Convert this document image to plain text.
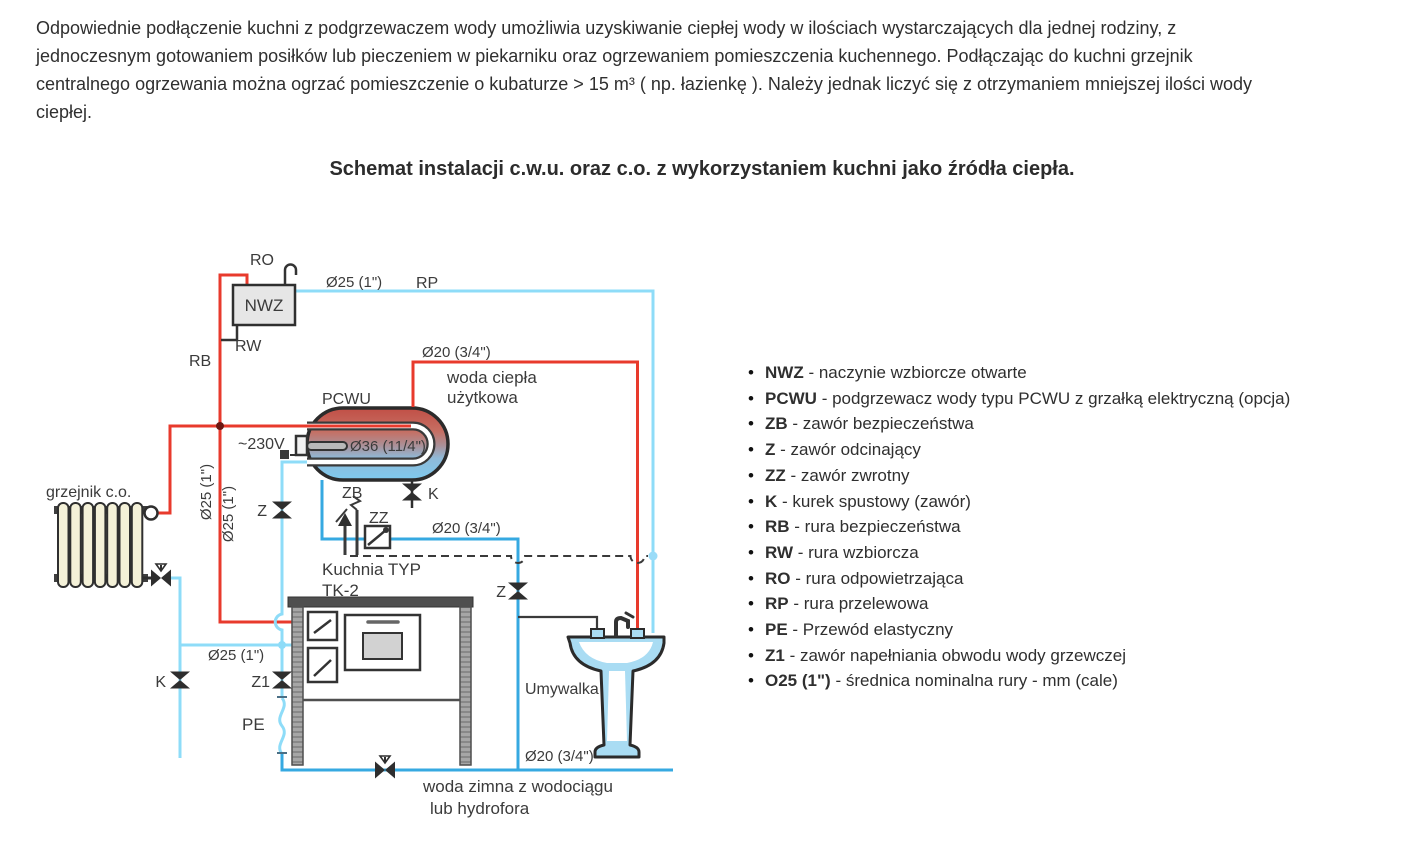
Odpowiednie podłączenie kuchni z podgrzewaczem wody umożliwia uzyskiwanie ciepłej wody w ilościach wystarczających dla jednej rodziny, z
jednoczesnym gotowaniem posiłków lub pieczeniem w piekarniku oraz ogrzewaniem pomieszczenia kuchennego. Podłączając do kuchni grzejnik
centralnego ogrzewania można ogrzać pomieszczenie o kubaturze > 15 m³ ( np. łazienkę ). Należy jednak liczyć się z otrzymaniem mniejszej ilości wody
ciepłej.
Schemat instalacji c.w.u. oraz c.o. z wykorzystaniem kuchni jako źródła ciepła.
• NWZ - naczynie wzbiorcze otwarte
• PCWU - podgrzewacz wody typu PCWU z grzałką elektryczną (opcja)
• ZB - zawór bezpieczeństwa
• Z - zawór odcinający
• ZZ - zawór zwrotny
• K - kurek spustowy (zawór)
• RB - rura bezpieczeństwa
• RW - rura wzbiorcza
• RO - rura odpowietrzająca
• RP - rura przelewowa
• PE - Przewód elastyczny
• Z1 - zawór napełniania obwodu wody grzewczej
• O25 (1") - średnica nominalna rury - mm (cale)
RO
NWZ
RW
RB
Ø25 (1") RP
Ø20 (3/4")
woda ciepła
użytkowa
PCWU
~230V	Ø36 (11/4")
ZB
ZZ
K
Z
Ø25 (1") Ø25 (1")
grzejnik c.o.
Ø20 (3/4")
Kuchnia TYP
TK-2	Z
Ø25 (1")
Z1
K
PE
Umywalka
Ø20 (3/4")
woda zimna z wodociągu
lub hydrofora
